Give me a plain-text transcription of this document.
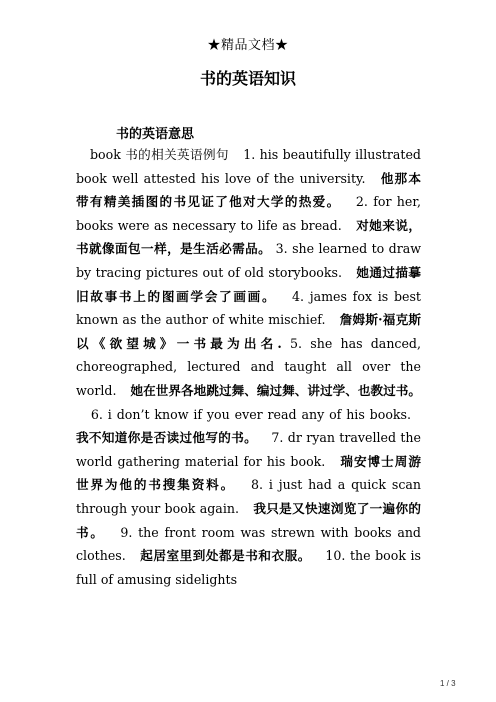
★精品文档★
书的英语知识
书的英语意思
book 书的相关英语例句 1. his beautifully illustrated book well attested his love of the university. 他那本带有精美插图的书见证了他对大学的热爱。 2. for her, books were as necessary to life as bread. 对她来说，书就像面包一样，是生活必需品。 3. she learned to draw by tracing pictures out of old storybooks. 她通过描摹旧故事书上的图画学会了画画。 4. james fox is best known as the author of white mischief. 詹姆斯·福克斯以《欲望城》一书最为出名. 5. she has danced, choreographed, lectured and taught all over the world. 她在世界各地跳过舞、编过舞、讲过学、也教过书。 6. i don’t know if you ever read any of his books. 我不知道你是否读过他写的书。 7. dr ryan travelled the world gathering material for his book. 瑞安博士周游世界为他的书搜集资料。 8. i just had a quick scan through your book again. 我只是又快速浏览了一遍你的书。 9. the front room was strewn with books and clothes. 起居室里到处都是书和衣服。 10. the book is full of amusing sidelights
1 / 3
